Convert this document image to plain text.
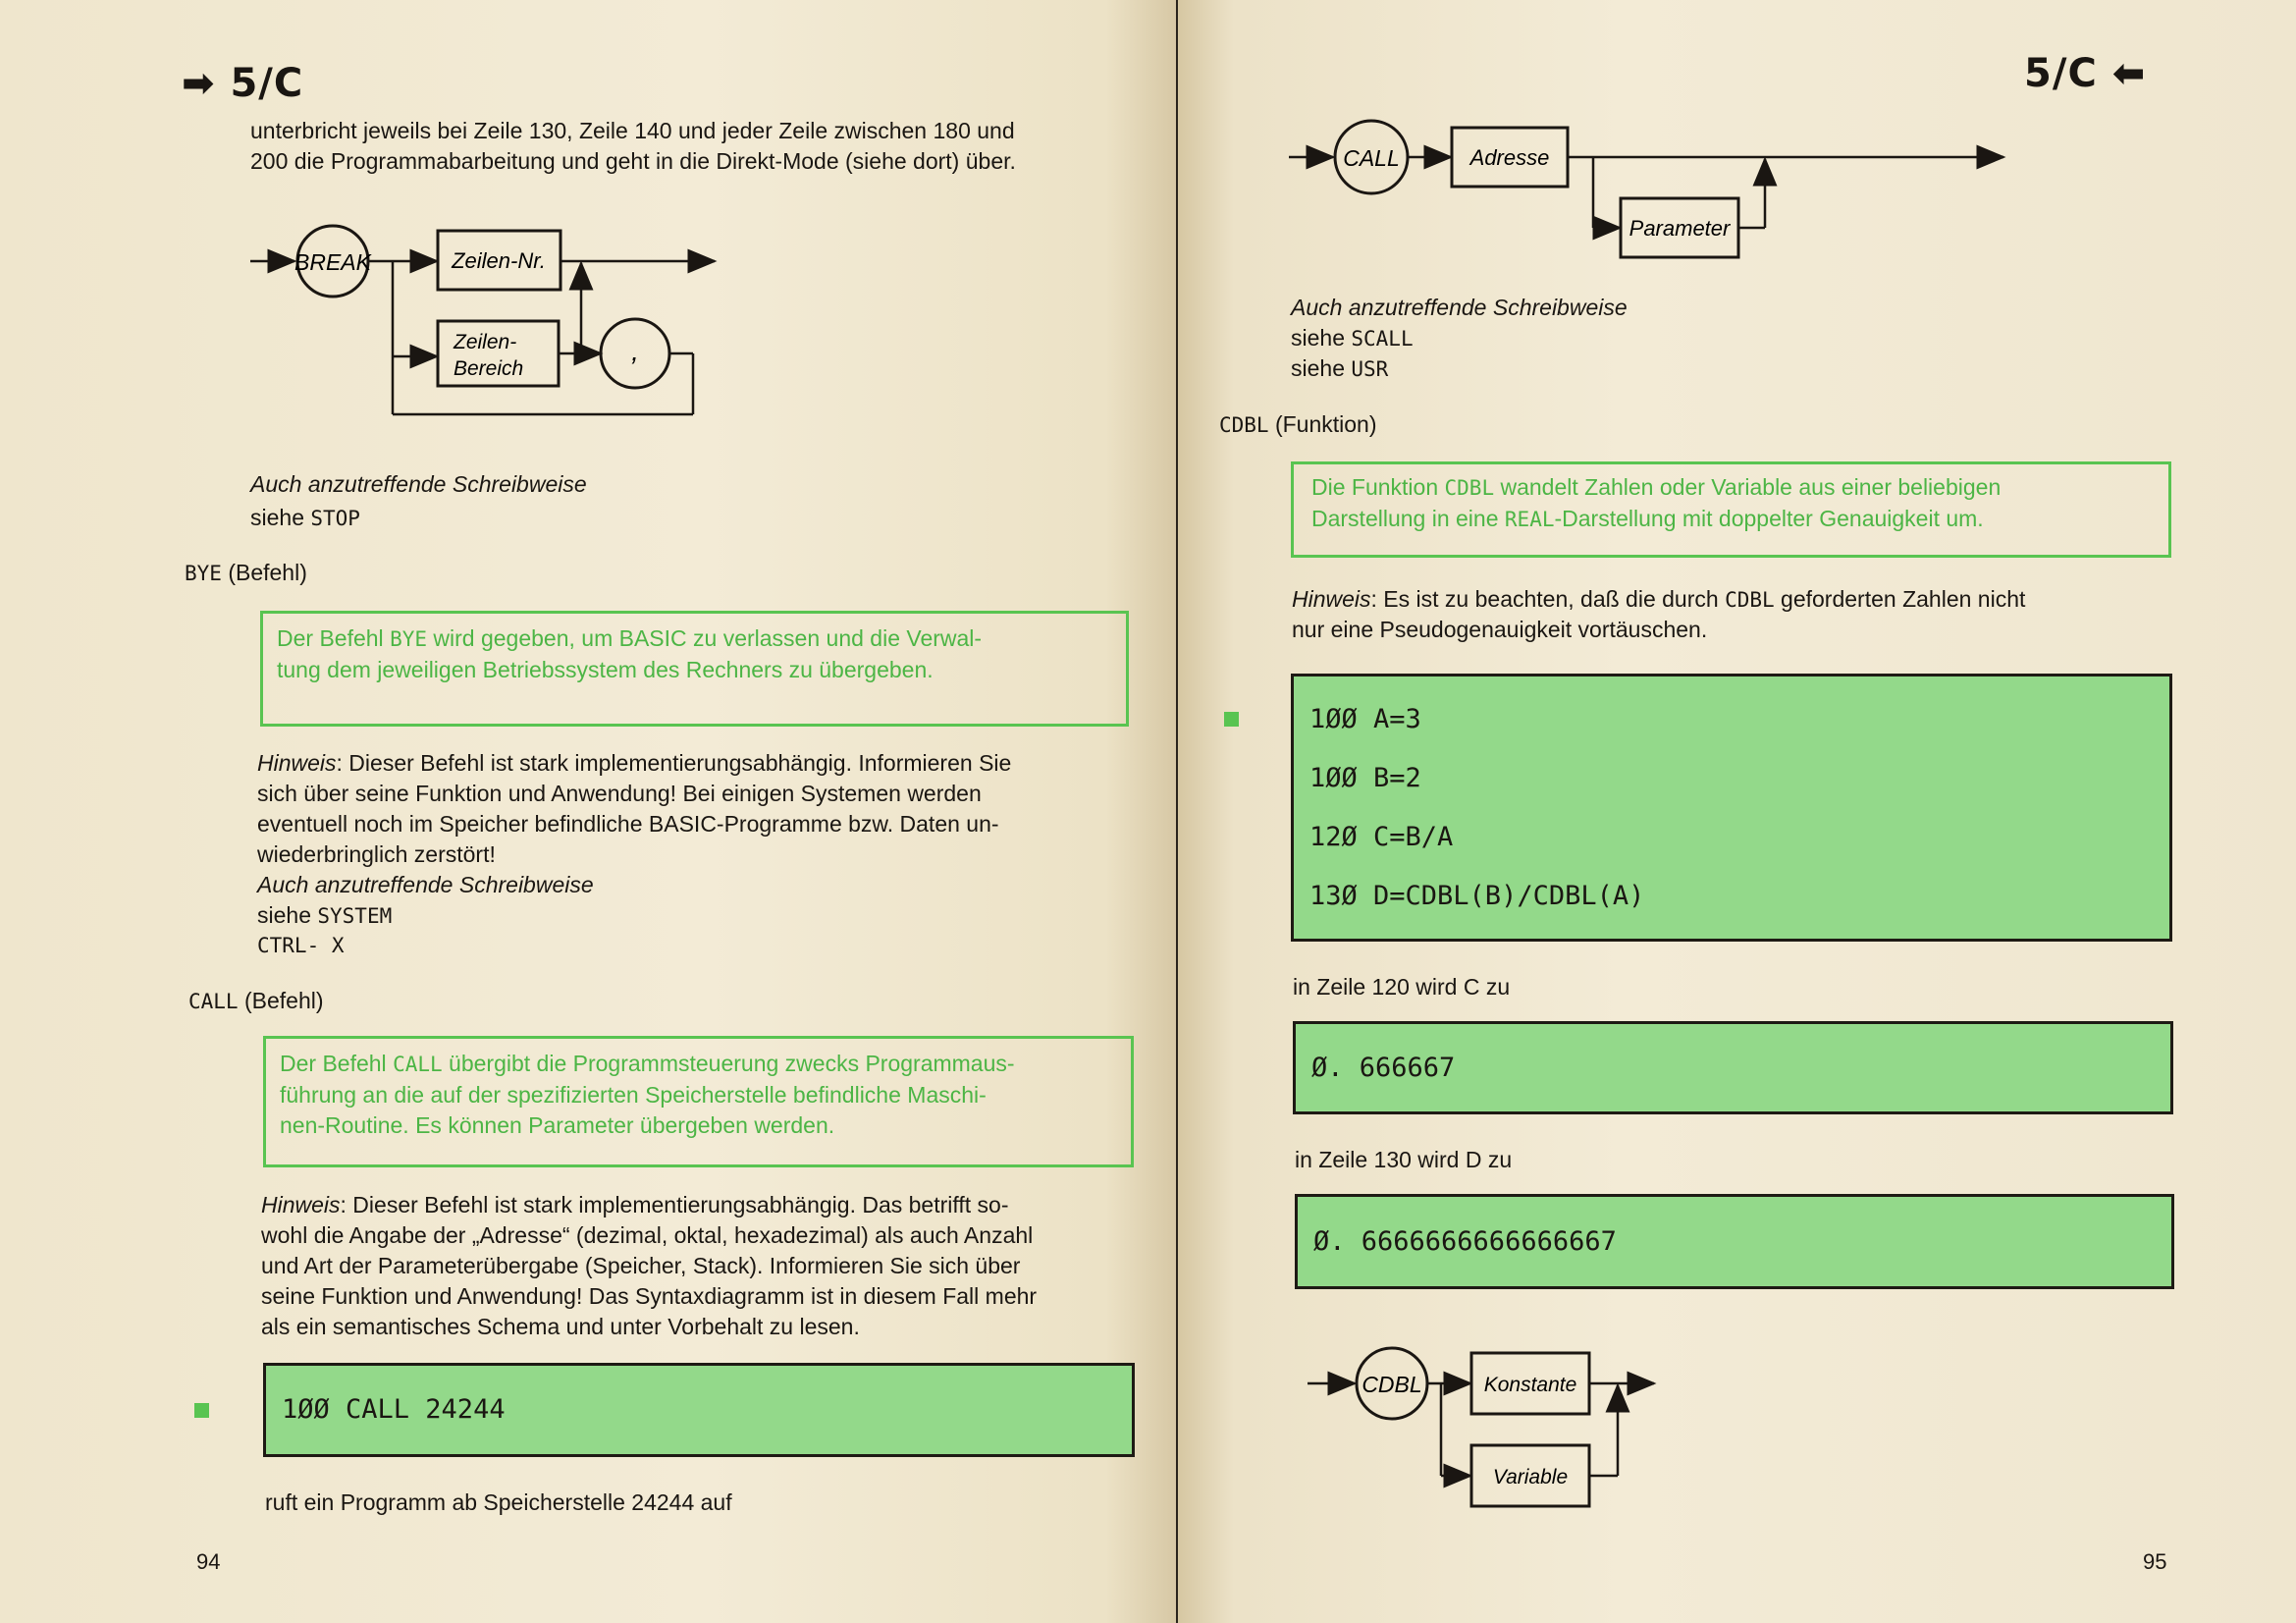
➡ 5/C
unterbricht jeweils bei Zeile 130, Zeile 140 und jeder Zeile zwischen 180 und
200 die Programmabarbeitung und geht in die Direkt-Mode (siehe dort) über.
BREAK	Zeilen-Nr.
Zeilen-
Bereich
,
Auch anzutreffende Schreibweise
siehe STOP
BYE (Befehl)
Der Befehl BYE wird gegeben, um BASIC zu verlassen und die Verwal-
tung dem jeweiligen Betriebssystem des Rechners zu übergeben.
Hinweis: Dieser Befehl ist stark implementierungsabhängig. Informieren Sie
sich über seine Funktion und Anwendung! Bei einigen Systemen werden
eventuell noch im Speicher befindliche BASIC-Programme bzw. Daten un-
wiederbringlich zerstört!
Auch anzutreffende Schreibweise
siehe SYSTEM
CTRL- X
CALL (Befehl)
Der Befehl CALL übergibt die Programmsteuerung zwecks Programmaus-
führung an die auf der spezifizierten Speicherstelle befindliche Maschi-
nen-Routine. Es können Parameter übergeben werden.
Hinweis: Dieser Befehl ist stark implementierungsabhängig. Das betrifft so-
wohl die Angabe der „Adresse“ (dezimal, oktal, hexadezimal) als auch Anzahl
und Art der Parameterübergabe (Speicher, Stack). Informieren Sie sich über
seine Funktion und Anwendung! Das Syntaxdiagramm ist in diesem Fall mehr
als ein semantisches Schema und unter Vorbehalt zu lesen.
1ØØ CALL 24244
ruft ein Programm ab Speicherstelle 24244 auf
94
5/C ⬅
CALL	Adresse
Parameter
Auch anzutreffende Schreibweise
siehe SCALL
siehe USR
CDBL (Funktion)
Die Funktion CDBL wandelt Zahlen oder Variable aus einer beliebigen
Darstellung in eine REAL-Darstellung mit doppelter Genauigkeit um.
Hinweis: Es ist zu beachten, daß die durch CDBL geforderten Zahlen nicht
nur eine Pseudogenauigkeit vortäuschen.
1ØØ A=3
1ØØ B=2
12Ø C=B/A
13Ø D=CDBL(B)/CDBL(A)
in Zeile 120 wird C zu
Ø. 666667
in Zeile 130 wird D zu
Ø. 6666666666666667
CDBL	Konstante
Variable
95
